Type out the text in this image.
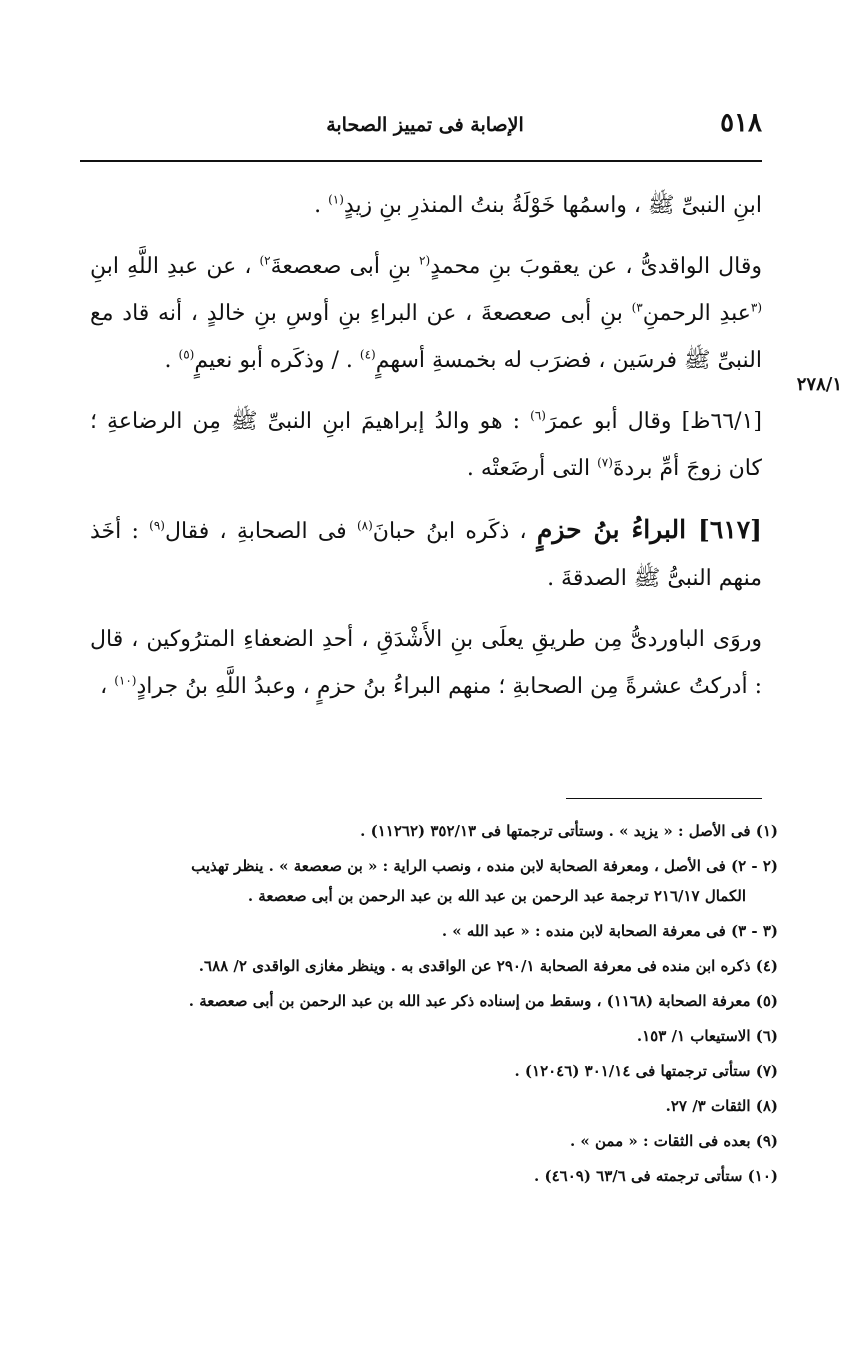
٥١٨
الإصابة فى تمييز الصحابة
٢٧٨/١

ابنِ النبىِّ ﷺ ، واسمُها خَوْلَةُ بنتُ المنذرِ بنِ زيدٍ$^{(١)}$ .

وقال الواقدىُّ ، عن يعقوبَ بنِ محمدٍ$^{(٢}$ بنِ أبى صعصعةَ$^{٢)}$ ، عن عبدِ اللَّهِ ابنِ $^{(٣}$عبدِ الرحمنِ$^{٣)}$ بنِ أبى صعصعةَ ، عن البراءِ بنِ أوسِ بنِ خالدٍ ، أنه قاد مع النبىِّ ﷺ فرسَين ، فضرَب له بخمسةِ أسهمٍ$^{(٤)}$ . / وذكَره أبو نعيمٍ$^{(٥)}$ .

[٦٦/١ظ] وقال أبو عمرَ$^{(٦)}$ : هو والدُ إبراهيمَ ابنِ النبىِّ ﷺ مِن الرضاعةِ ؛ كان زوجَ أمِّ بردةَ$^{(٧)}$ التى أرضَعتْه .

[٦١٧] البراءُ بنُ حزمٍ ، ذكَره ابنُ حبانَ$^{(٨)}$ فى الصحابةِ ، فقال$^{(٩)}$ : أخَذ منهم النبىُّ ﷺ الصدقةَ .

وروَى الباوردىُّ مِن طريقِ يعلَى بنِ الأَشْدَقِ ، أحدِ الضعفاءِ المترُوكين ، قال : أدركتُ عشرةً مِن الصحابةِ ؛ منهم البراءُ بنُ حزمٍ ، وعبدُ اللَّهِ بنُ جرادٍ$^{(١٠)}$ ،

(١) فى الأصل : « يزيد » . وستأتى ترجمتها فى ٣٥٢/١٣ (١١٢٦٢) .
(٢ - ٢) فى الأصل ، ومعرفة الصحابة لابن منده ، ونصب الراية : « بن صعصعة » . ينظر تهذيب
الكمال ٢١٦/١٧ ترجمة عبد الرحمن بن عبد الله بن عبد الرحمن بن أبى صعصعة .
(٣ - ٣) فى معرفة الصحابة لابن منده : « عبد الله » .
(٤) ذكره ابن منده فى معرفة الصحابة ٢٩٠/١ عن الواقدى به . وينظر مغازى الواقدى ٢/ ٦٨٨.
(٥) معرفة الصحابة (١١٦٨) ، وسقط من إسناده ذكر عبد الله بن عبد الرحمن بن أبى صعصعة .
(٦) الاستيعاب ١/ ١٥٣.
(٧) ستأتى ترجمتها فى ٣٠١/١٤ (١٢٠٤٦) .
(٨) الثقات ٣/ ٢٧.
(٩) بعده فى الثقات : « ممن » .
(١٠) ستأتى ترجمته فى ٦٣/٦ (٤٦٠٩) .
